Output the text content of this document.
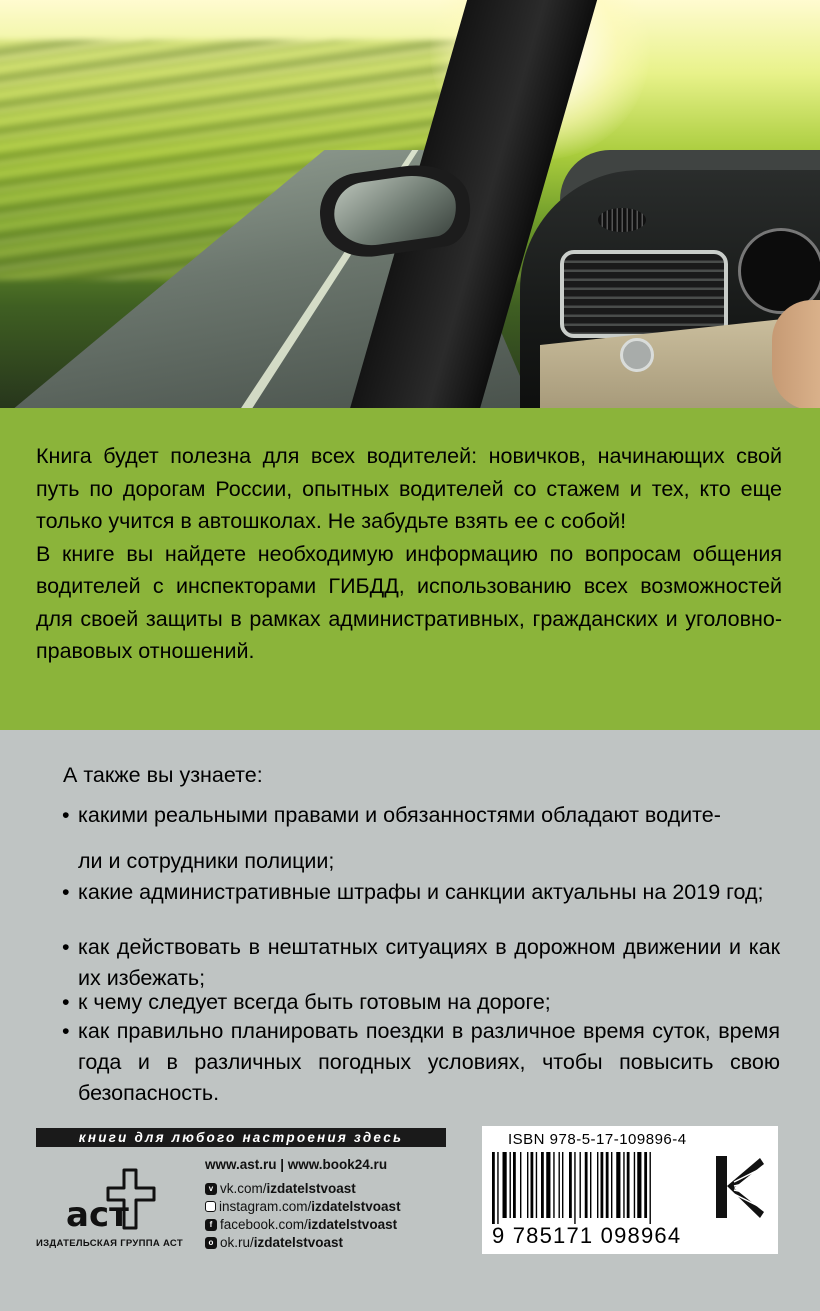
Книга будет полезна для всех водителей: новичков, начинающих свой путь по дорогам России, опытных водителей со стажем и тех, кто еще только учится в автошколах. Не забудьте взять ее с собой!

В книге вы найдете необходимую информацию по вопросам общения водителей с инспекторами ГИБДД, использованию всех возможностей для своей защиты в рамках административных, гражданских и уголовно-правовых отношений.

А также вы узнаете:
• какими реальными правами и обязанностями обладают водите-
ли и сотрудники полиции;
• какие административные штрафы и санкции актуальны на 2019 год;
• как действовать в нештатных ситуациях в дорожном движении и как их избежать;
• к чему следует всегда быть готовым на дороге;
• как правильно планировать поездки в различное время суток, время года и в различных погодных условиях, чтобы повысить свою безопасность.
книги для любого настроения здесь
аст
ИЗДАТЕЛЬСКАЯ ГРУППА АСТ
www.ast.ru | www.book24.ru
v vk.com/ izdatelstvoast
instagram.com/ izdatelstvoast
f facebook.com/ izdatelstvoast
o ok.ru/ izdatelstvoast
ISBN 978-5-17-109896-4
9 785171 098964
